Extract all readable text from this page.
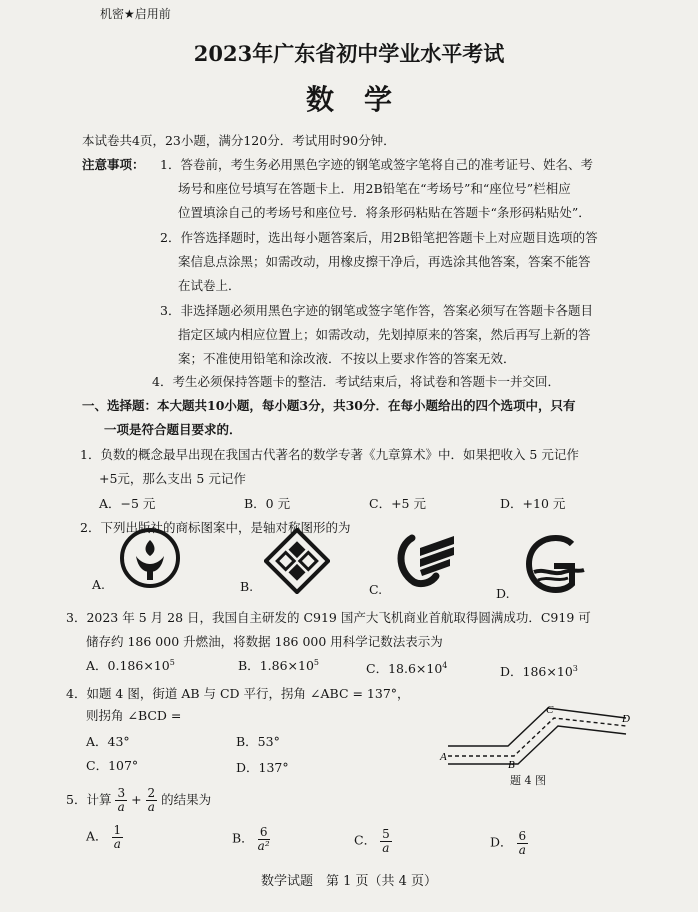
机密★启用前
2023年广东省初中学业水平考试
数学
本试卷共4页，23小题，满分120分．考试用时90分钟．
注意事项： 1．答卷前，考生务必用黑色字迹的钢笔或签字笔将自己的准考证号、姓名、考
场号和座位号填写在答题卡上．用2B铅笔在“考场号”和“座位号”栏相应
位置填涂自己的考场号和座位号．将条形码粘贴在答题卡“条形码粘贴处”．
2．作答选择题时，选出每小题答案后，用2B铅笔把答题卡上对应题目选项的答
案信息点涂黑；如需改动，用橡皮擦干净后，再选涂其他答案，答案不能答
在试卷上．
3．非选择题必须用黑色字迹的钢笔或签字笔作答，答案必须写在答题卡各题目
指定区域内相应位置上；如需改动，先划掉原来的答案，然后再写上新的答
案；不准使用铅笔和涂改液．不按以上要求作答的答案无效．
4．考生必须保持答题卡的整洁．考试结束后，将试卷和答题卡一并交回．
一、选择题：本大题共10小题，每小题3分，共30分．在每小题给出的四个选项中，只有
一项是符合题目要求的．
1．负数的概念最早出现在我国古代著名的数学专著《九章算术》中．如果把收入 5 元记作
+5元，那么支出 5 元记作
A．−5 元	B．0 元	C．+5 元	D．+10 元
2．下列出版社的商标图案中，是轴对称图形的为
A.	B.	C.	D.
3．2023 年 5 月 28 日，我国自主研发的 C919 国产大飞机商业首航取得圆满成功．C919 可
储存约 186 000 升燃油，将数据 186 000 用科学记数法表示为
A．$0.186\times 10^5$	B．$1.86\times 10^5$	C．$18.6\times 10^4$	D．$186\times 10^3$
4．如题 4 图，街道 AB 与 CD 平行，拐角 ∠ABC = 137°，
则拐角 ∠BCD =
A．43°	B．53°
C．107°	D．137°
A
B
C
D
题 4 图
5．计算 $\frac{3}{a} + \frac{2}{a}$ 的结果为
A． $\frac{1}{a}$	B． $\frac{6}{\text{a²}}$	C． $\frac{5}{a}$	D． $\frac{6}{a}$
数学试题　第 1 页（共 4 页）
